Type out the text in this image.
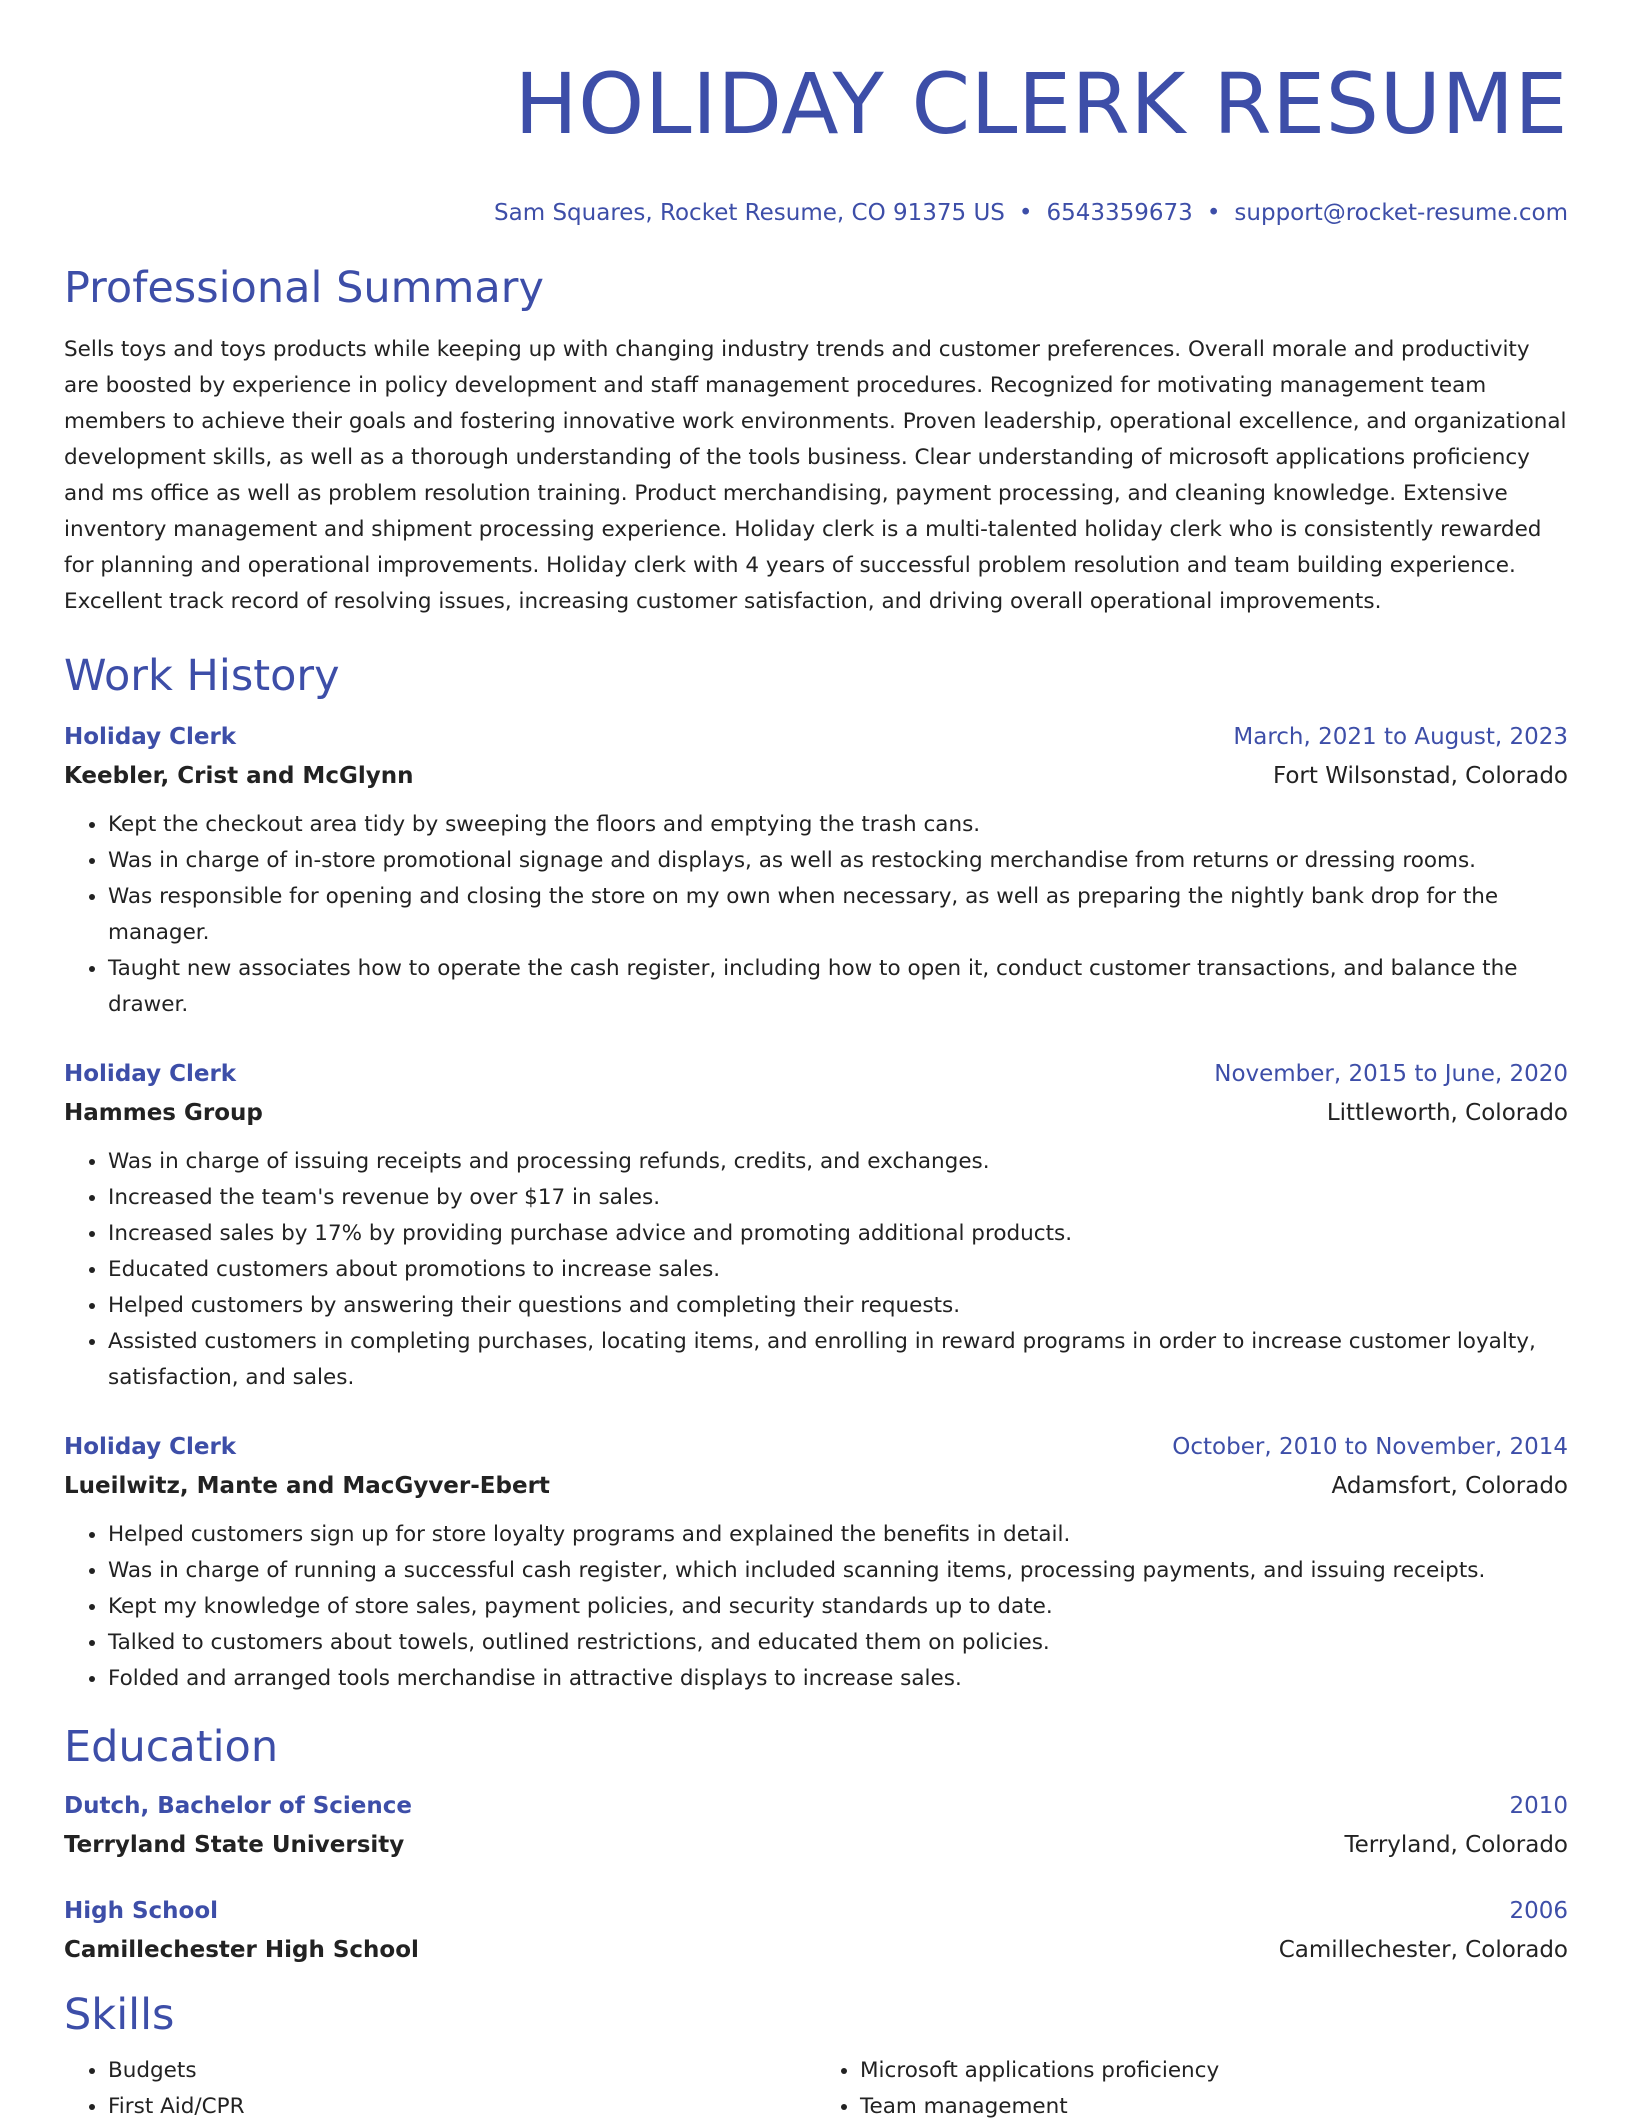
HOLIDAY CLERK RESUME
Sam Squares, Rocket Resume, CO 91375 US • 6543359673 • support@rocket-resume.com
Professional Summary
Sells toys and toys products while keeping up with changing industry trends and customer preferences. Overall morale and productivity are boosted by experience in policy development and staff management procedures. Recognized for motivating management team members to achieve their goals and fostering innovative work environments. Proven leadership, operational excellence, and organizational development skills, as well as a thorough understanding of the tools business. Clear understanding of microsoft applications proficiency and ms office as well as problem resolution training. Product merchandising, payment processing, and cleaning knowledge. Extensive inventory management and shipment processing experience. Holiday clerk is a multi-talented holiday clerk who is consistently rewarded for planning and operational improvements. Holiday clerk with 4 years of successful problem resolution and team building experience. Excellent track record of resolving issues, increasing customer satisfaction, and driving overall operational improvements.
Work History
Holiday Clerk	March, 2021 to August, 2023
Keebler, Crist and McGlynn	Fort Wilsonstad, Colorado
• Kept the checkout area tidy by sweeping the floors and emptying the trash cans.
• Was in charge of in-store promotional signage and displays, as well as restocking merchandise from returns or dressing rooms.
• Was responsible for opening and closing the store on my own when necessary, as well as preparing the nightly bank drop for the manager.
• Taught new associates how to operate the cash register, including how to open it, conduct customer transactions, and balance the drawer.
Holiday Clerk	November, 2015 to June, 2020
Hammes Group	Littleworth, Colorado
• Was in charge of issuing receipts and processing refunds, credits, and exchanges.
• Increased the team's revenue by over $17 in sales.
• Increased sales by 17% by providing purchase advice and promoting additional products.
• Educated customers about promotions to increase sales.
• Helped customers by answering their questions and completing their requests.
• Assisted customers in completing purchases, locating items, and enrolling in reward programs in order to increase customer loyalty, satisfaction, and sales.
Holiday Clerk	October, 2010 to November, 2014
Lueilwitz, Mante and MacGyver-Ebert	Adamsfort, Colorado
• Helped customers sign up for store loyalty programs and explained the benefits in detail.
• Was in charge of running a successful cash register, which included scanning items, processing payments, and issuing receipts.
• Kept my knowledge of store sales, payment policies, and security standards up to date.
• Talked to customers about towels, outlined restrictions, and educated them on policies.
• Folded and arranged tools merchandise in attractive displays to increase sales.
Education
Dutch, Bachelor of Science	2010
Terryland State University	Terryland, Colorado
High School	2006
Camillechester High School	Camillechester, Colorado
Skills
• Budgets
• First Aid/CPR
• Microsoft applications proficiency
• Team management
